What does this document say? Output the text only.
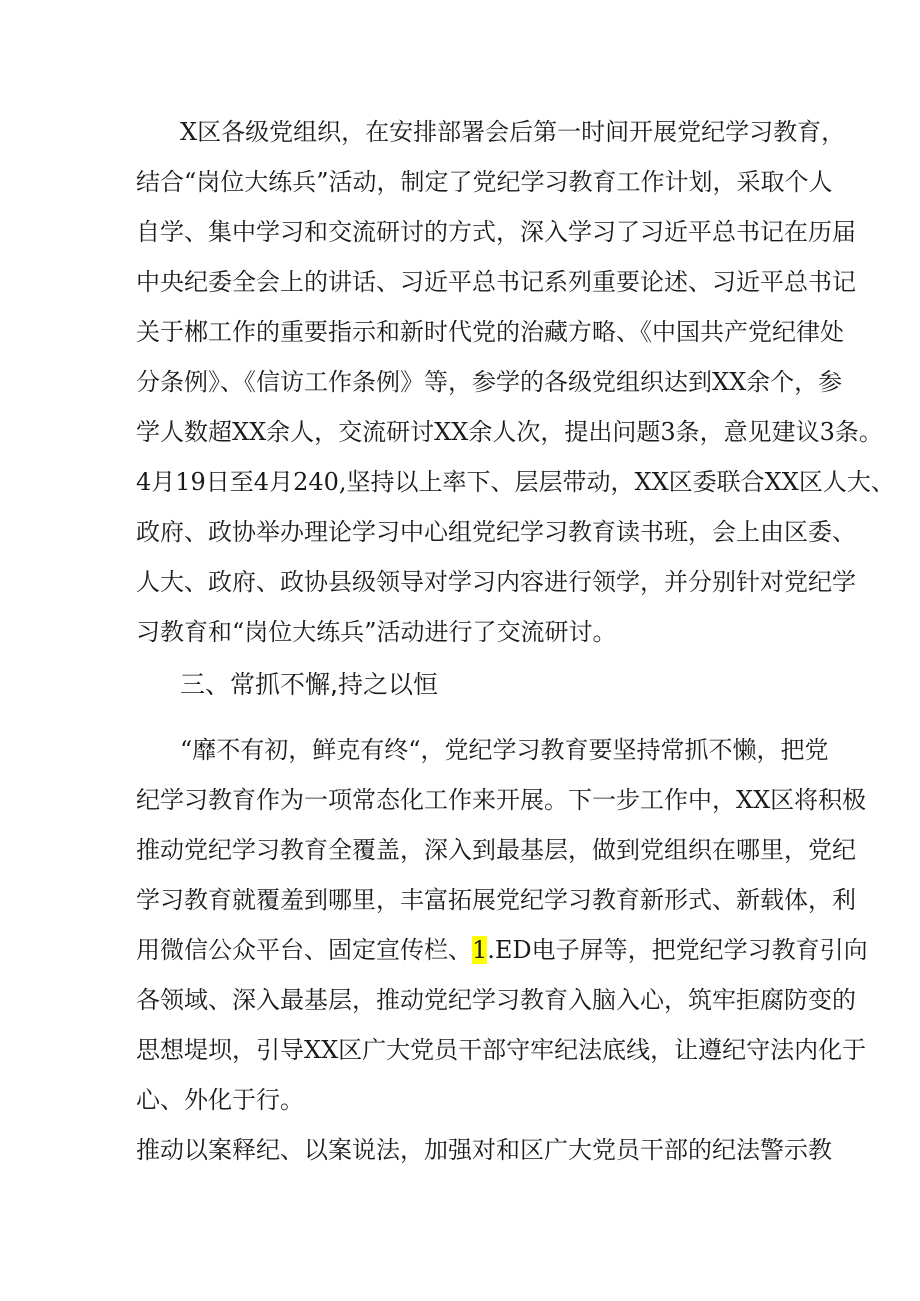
X区各级党组织，在安排部署会后第一时间开展党纪学习教育，
结合“岗位大练兵”活动，制定了党纪学习教育工作计划，采取个人
自学、集中学习和交流研讨的方式，深入学习了习近平总书记在历届
中央纪委全会上的讲话、习近平总书记系列重要论述、习近平总书记
关于郴工作的重要指示和新时代党的治藏方略、《中国共产党纪律处
分条例》、《信访工作条例》等，参学的各级党组织达到XX余个，参
学人数超XX余人，交流研讨XX余人次，提出问题3条，意见建议3条。
4月19日至4月240,坚持以上率下、层层带动，XX区委联合XX区人大、
政府、政协举办理论学习中心组党纪学习教育读书班，会上由区委、
人大、政府、政协县级领导对学习内容进行领学，并分别针对党纪学
习教育和“岗位大练兵”活动进行了交流研讨。
三、常抓不懈,持之以恒
“靡不有初，鲜克有终“，党纪学习教育要坚持常抓不懒，把党
纪学习教育作为一项常态化工作来开展。下一步工作中，XX区将积极
推动党纪学习教育全覆盖，深入到最基层，做到党组织在哪里，党纪
学习教育就覆羞到哪里，丰富拓展党纪学习教育新形式、新载体，利
用微信公众平台、固定宣传栏、1.ED电子屏等，把党纪学习教育引向
各领域、深入最基层，推动党纪学习教育入脑入心，筑牢拒腐防变的
思想堤坝，引导XX区广大党员干部守牢纪法底线，让遵纪守法内化于
心、外化于行。
推动以案释纪、以案说法，加强对和区广大党员干部的纪法警示教
